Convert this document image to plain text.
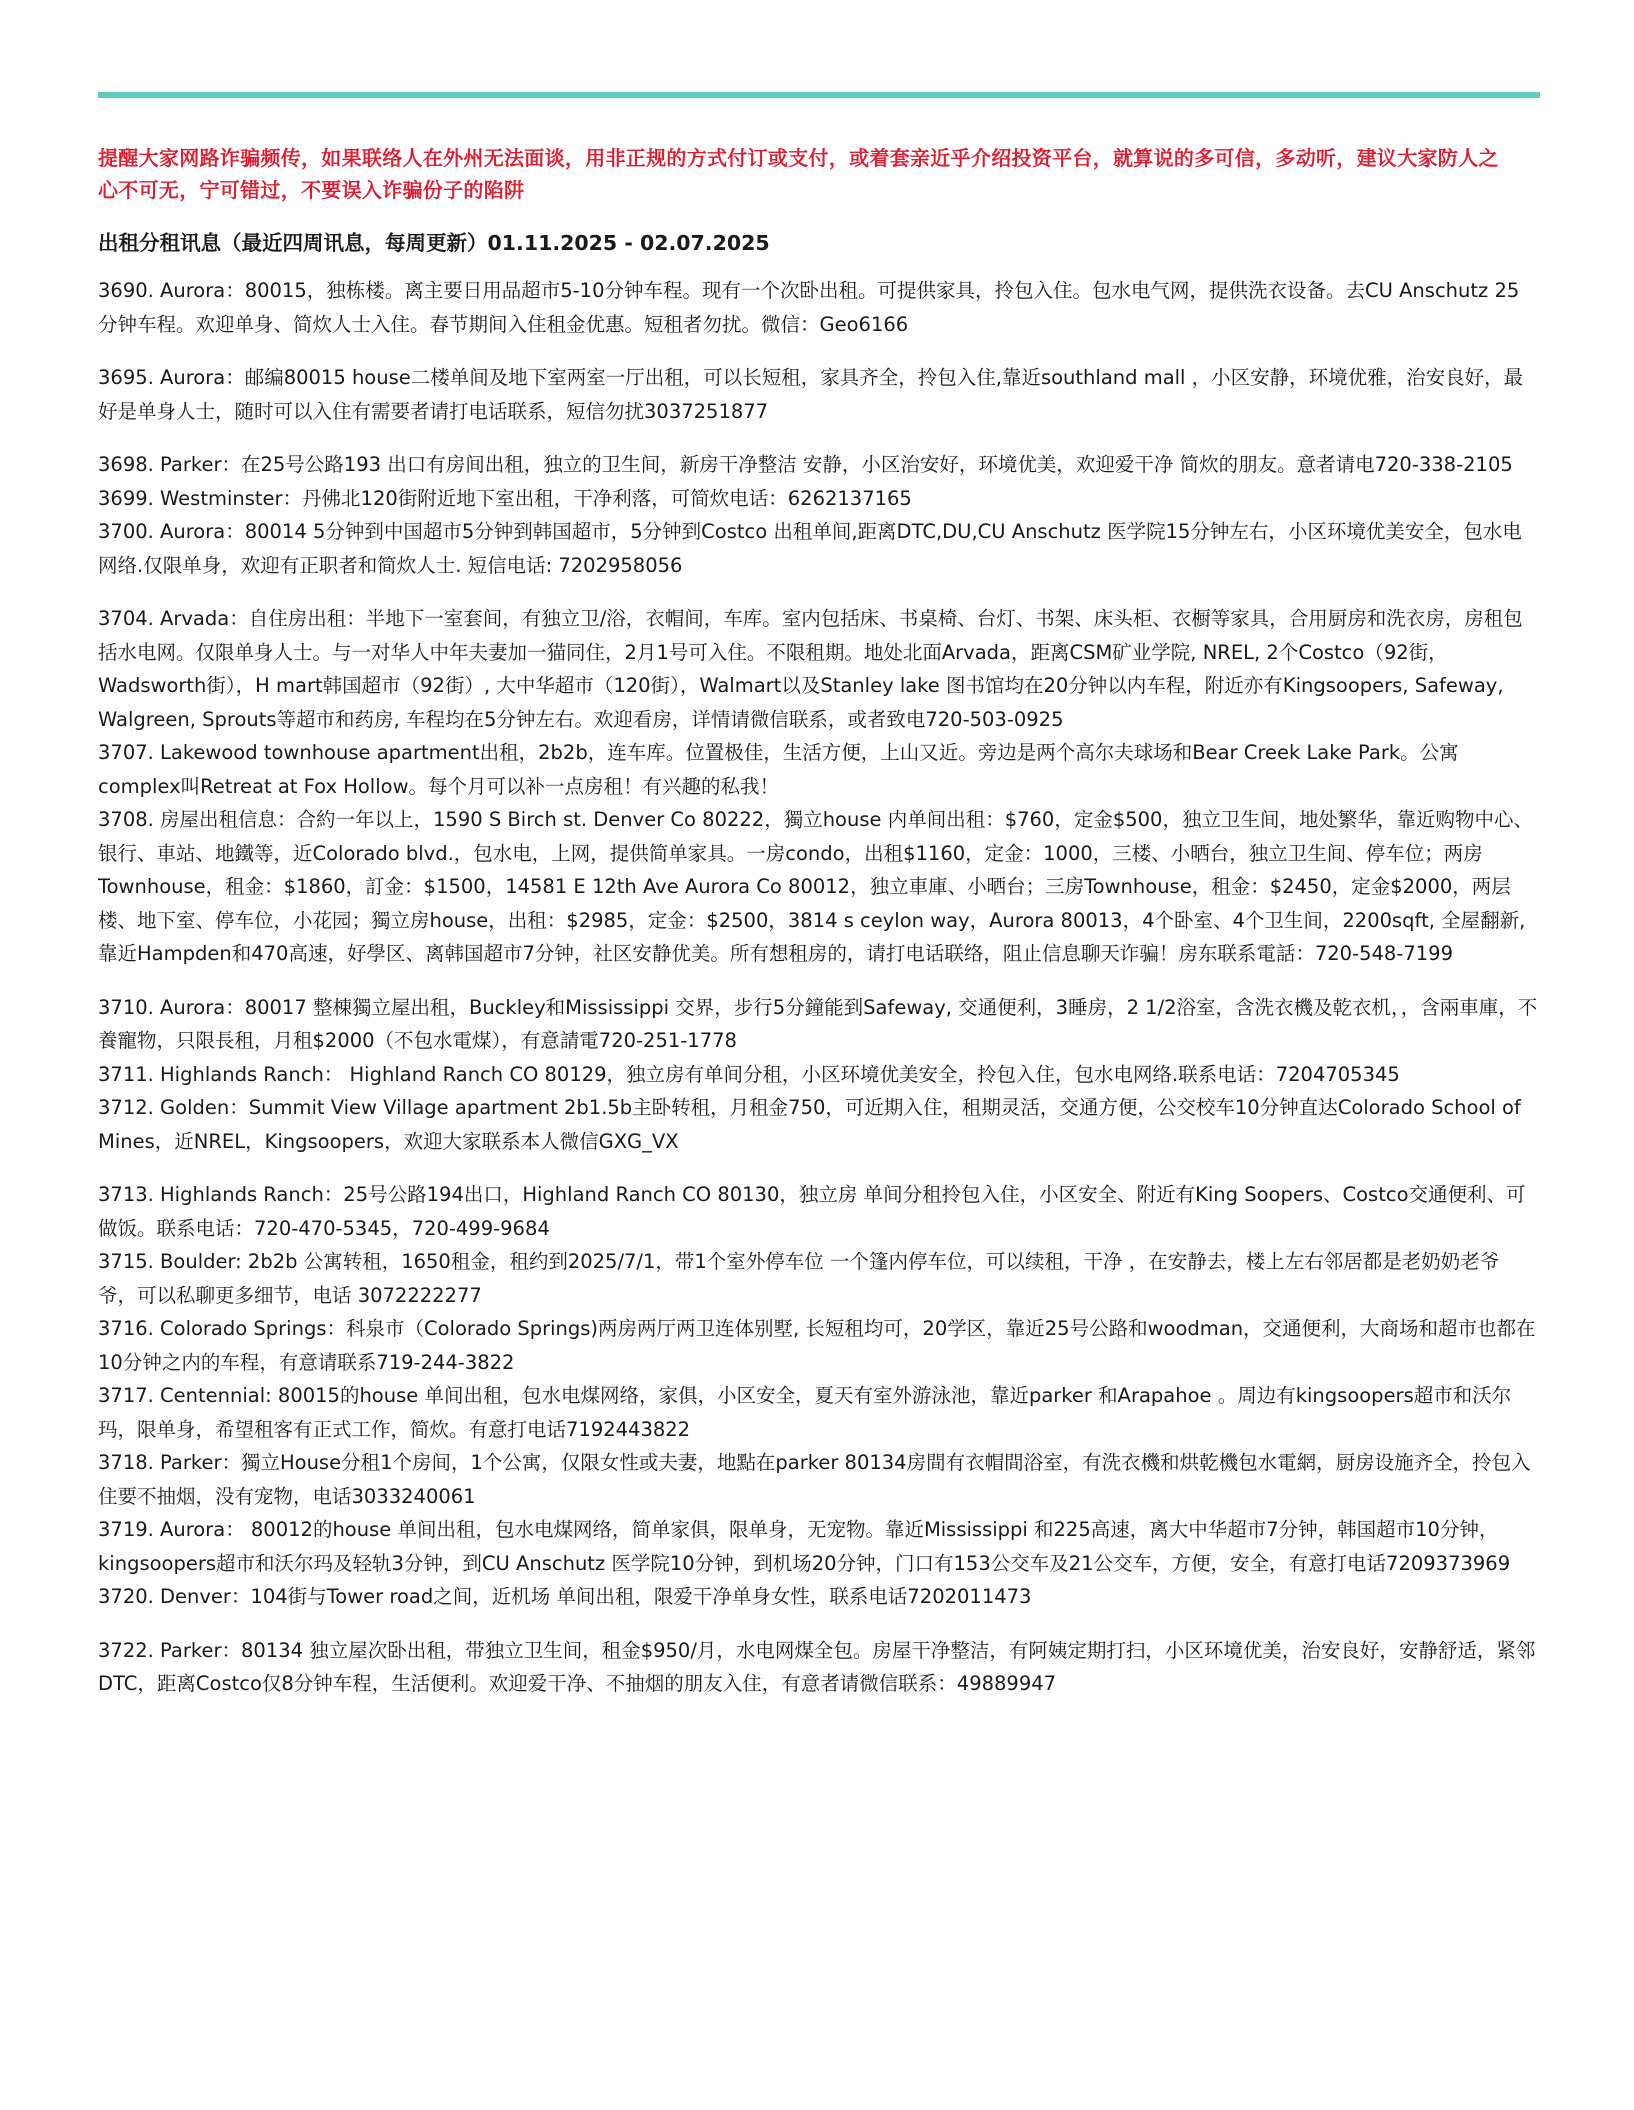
提醒大家网路诈骗频传，如果联络人在外州无法面谈，用非正规的方式付订或支付，或着套亲近乎介绍投资平台，就算说的多可信，多动听，建议大家防人之心不可无，宁可错过，不要误入诈骗份子的陷阱
出租分租讯息（最近四周讯息，每周更新）01.11.2025 - 02.07.2025

3690. Aurora：80015，独栋楼。离主要日用品超市5-10分钟车程。现有一个次卧出租。可提供家具，拎包入住。包水电气网，提供洗衣设备。去CU Anschutz 25分钟车程。欢迎单身、简炊人士入住。春节期间入住租金优惠。短租者勿扰。微信：Geo6166

3695. Aurora：邮编80015 house二楼单间及地下室两室一厅出租，可以长短租，家具齐全，拎包入住,靠近southland mall ，小区安静，环境优雅，治安良好，最好是单身人士，随时可以入住有需要者请打电话联系，短信勿扰3037251877

3698. Parker：在25号公路193 出口有房间出租，独立的卫生间，新房干净整洁 安静，小区治安好，环境优美，欢迎爱干净 简炊的朋友。意者请电720-338-2105

3699. Westminster：丹佛北120街附近地下室出租，干净利落，可简炊电话：6262137165

3700. Aurora：80014 5分钟到中国超市5分钟到韩国超市，5分钟到Costco 出租单间,距离DTC,DU,CU Anschutz 医学院15分钟左右，小区环境优美安全，包水电网络.仅限单身，欢迎有正职者和简炊人士. 短信电话: 7202958056

3704. Arvada：自住房出租：半地下一室套间，有独立卫/浴，衣帽间，车库。室内包括床、书桌椅、台灯、书架、床头柜、衣橱等家具，合用厨房和洗衣房，房租包括水电网。仅限单身人士。与一对华人中年夫妻加一猫同住，2月1号可入住。不限租期。地处北面Arvada，距离CSM矿业学院, NREL, 2个Costco（92街，Wadsworth街），H mart韩国超市（92街）, 大中华超市（120街），Walmart以及Stanley lake 图书馆均在20分钟以内车程，附近亦有Kingsoopers, Safeway, Walgreen, Sprouts等超市和药房, 车程均在5分钟左右。欢迎看房，详情请微信联系，或者致电720-503-0925

3707. Lakewood townhouse apartment出租，2b2b，连车库。位置极佳，生活方便，上山又近。旁边是两个高尔夫球场和Bear Creek Lake Park。公寓complex叫Retreat at Fox Hollow。每个月可以补一点房租！有兴趣的私我！

3708. 房屋出租信息：合約一年以上，1590 S Birch st. Denver Co 80222，獨立house 内单间出租：$760，定金$500，独立卫生间，地处繁华，靠近购物中心、银行、車站、地鐵等，近Colorado blvd.，包水电，上网，提供简单家具。一房condo，出租$1160，定金：1000，三楼、小晒台，独立卫生间、停车位；两房Townhouse，租金：$1860，訂金：$1500，14581 E 12th Ave Aurora Co 80012，独立車庫、小晒台；三房Townhouse，租金：$2450，定金$2000，两层楼、地下室、停车位，小花园；獨立房house，出租：$2985，定金：$2500，3814 s ceylon way，Aurora 80013，4个卧室、4个卫生间，2200sqft, 全屋翻新,靠近Hampden和470高速，好學区、离韩国超市7分钟，社区安静优美。所有想租房的，请打电话联络，阻止信息聊天诈骗！房东联系電話：720-548-7199

3710. Aurora：80017 整棟獨立屋出租，Buckley和Mississippi 交界，步行5分鐘能到Safeway, 交通便利，3睡房，2 1/2浴室，含洗衣機及乾衣机，，含兩車庫，不養寵物，只限長租，月租$2000（不包水電煤），有意請電720-251-1778

3711. Highlands Ranch： Highland Ranch CO 80129，独立房有单间分租，小区环境优美安全，拎包入住，包水电网络.联系电话：7204705345

3712. Golden：Summit View Village apartment 2b1.5b主卧转租，月租金750，可近期入住，租期灵活，交通方便，公交校车10分钟直达Colorado School of Mines，近NREL，Kingsoopers，欢迎大家联系本人微信GXG_VX

3713. Highlands Ranch：25号公路194出口，Highland Ranch CO 80130，独立房 单间分租拎包入住，小区安全、附近有King Soopers、Costco交通便利、可做饭。联系电话：720-470-5345，720-499-9684

3715. Boulder: 2b2b 公寓转租，1650租金，租约到2025/7/1，带1个室外停车位 一个篷内停车位，可以续租，干净 ，在安静去，楼上左右邻居都是老奶奶老爷爷，可以私聊更多细节，电话 3072222277

3716. Colorado Springs：科泉市（Colorado Springs)两房两厅两卫连体别墅, 长短租均可，20学区，靠近25号公路和woodman，交通便利，大商场和超市也都在10分钟之内的车程，有意请联系719-244-3822

3717. Centennial: 80015的house 单间出租，包水电煤网络，家俱，小区安全，夏天有室外游泳池，靠近parker 和Arapahoe 。周边有kingsoopers超市和沃尔玛，限单身，希望租客有正式工作，简炊。有意打电话7192443822

3718. Parker：獨立House分租1个房间，1个公寓，仅限女性或夫妻，地點在parker 80134房間有衣帽間浴室，有洗衣機和烘乾機包水電網，厨房设施齐全，拎包入住要不抽烟，没有宠物，电话3033240061

3719. Aurora： 80012的house 单间出租，包水电煤网络，简单家俱，限单身，无宠物。靠近Mississippi 和225高速，离大中华超市7分钟，韩国超市10分钟，kingsoopers超市和沃尔玛及轻轨3分钟，到CU Anschutz 医学院10分钟，到机场20分钟，门口有153公交车及21公交车，方便，安全，有意打电话7209373969

3720. Denver：104街与Tower road之间，近机场 单间出租，限爱干净单身女性，联系电话7202011473

3722. Parker：80134 独立屋次卧出租，带独立卫生间，租金$950/月，水电网煤全包。房屋干净整洁，有阿姨定期打扫，小区环境优美，治安良好，安静舒适，紧邻DTC，距离Costco仅8分钟车程，生活便利。欢迎爱干净、不抽烟的朋友入住，有意者请微信联系：49889947
